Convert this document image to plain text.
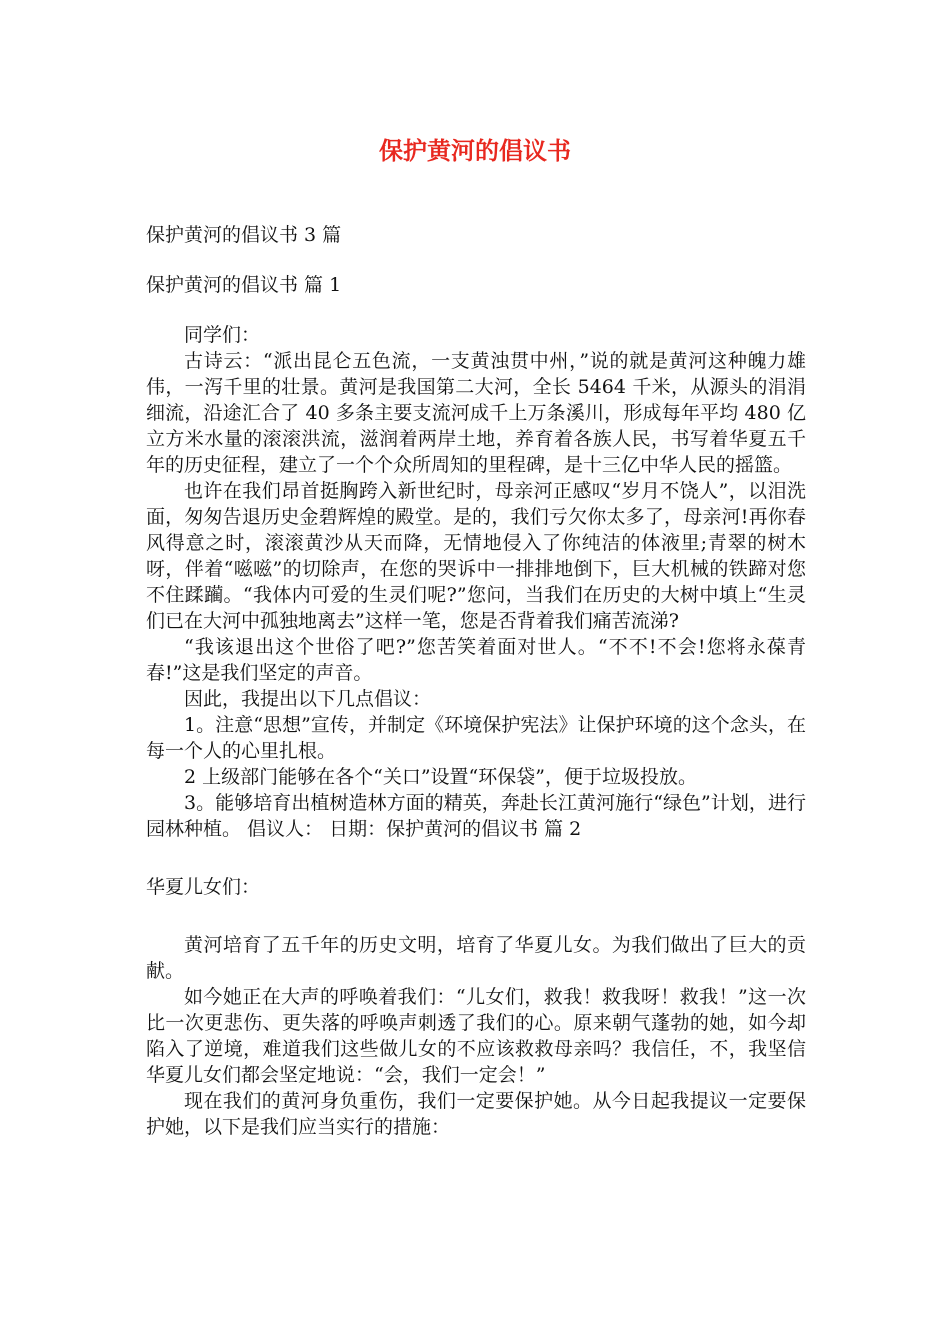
保护黄河的倡议书

保护黄河的倡议书 3 篇

保护黄河的倡议书 篇 1

同学们：

古诗云：“派出昆仑五色流，一支黄浊贯中州，”说的就是黄河这种魄力雄伟，一泻千里的壮景。黄河是我国第二大河，全长 5464 千米，从源头的涓涓细流，沿途汇合了 40 多条主要支流河成千上万条溪川，形成每年平均 480 亿立方米水量的滚滚洪流，滋润着两岸土地，养育着各族人民，书写着华夏五千年的历史征程，建立了一个个众所周知的里程碑，是十三亿中华人民的摇篮。

也许在我们昂首挺胸跨入新世纪时，母亲河正感叹“岁月不饶人”，以泪洗面，匆匆告退历史金碧辉煌的殿堂。是的，我们亏欠你太多了，母亲河!再你春风得意之时，滚滚黄沙从天而降，无情地侵入了你纯洁的体液里;青翠的树木呀，伴着“嗞嗞”的切除声，在您的哭诉中一排排地倒下，巨大机械的铁蹄对您不住蹂躏。“我体内可爱的生灵们呢?”您问，当我们在历史的大树中填上“生灵们已在大河中孤独地离去”这样一笔，您是否背着我们痛苦流涕?

“我该退出这个世俗了吧?”您苦笑着面对世人。“不不!不会!您将永葆青春!”这是我们坚定的声音。

因此，我提出以下几点倡议：

1。注意“思想”宣传，并制定《环境保护宪法》让保护环境的这个念头，在每一个人的心里扎根。

2 上级部门能够在各个“关口”设置“环保袋”，便于垃圾投放。

3。能够培育出植树造林方面的精英，奔赴长江黄河施行“绿色”计划，进行园林种植。 倡议人： 日期：保护黄河的倡议书 篇 2

华夏儿女们：

黄河培育了五千年的历史文明，培育了华夏儿女。为我们做出了巨大的贡献。

如今她正在大声的呼唤着我们：“儿女们，救我！救我呀！救我！”这一次比一次更悲伤、更失落的呼唤声刺透了我们的心。原来朝气蓬勃的她，如今却陷入了逆境，难道我们这些做儿女的不应该救救母亲吗？我信任，不，我坚信华夏儿女们都会坚定地说：“会，我们一定会！”

现在我们的黄河身负重伤，我们一定要保护她。从今日起我提议一定要保护她，以下是我们应当实行的措施：
